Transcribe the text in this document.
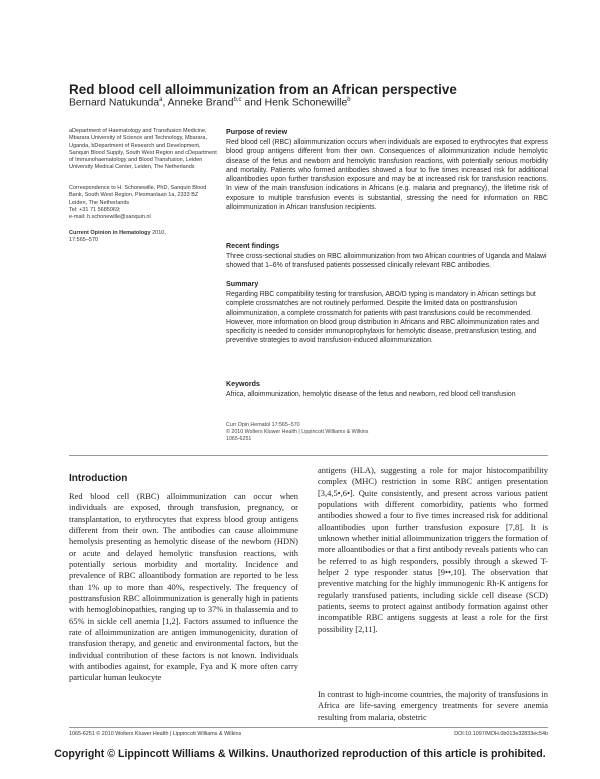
Red blood cell alloimmunization from an African perspective
Bernard Natukunda$^a$, Anneke Brand$^{b,c}$ and Henk Schonewille$^b$
aDepartment of Haematology and Transfusion Medicine, Mbarara University of Science and Technology, Mbarara, Uganda, bDepartment of Research and Development, Sanquin Blood Supply, South West Region and cDepartment of Immunohaematology and Blood Transfusion, Leiden University Medical Center, Leiden, The Netherlands
Correspondence to H. Schonewille, PhD, Sanquin Blood Bank, South West Region, Plesmanlaan 1a, 2333 BZ Leiden, The Netherlands
Tel: +31 71 5685069;
e-mail: h.schonewille@sanquin.nl
Current Opinion in Hematology 2010,
17:565–570
Purpose of review
Red blood cell (RBC) alloimmunization occurs when individuals are exposed to erythrocytes that express blood group antigens different from their own. Consequences of alloimmunization include hemolytic disease of the fetus and newborn and hemolytic transfusion reactions, with potentially serious morbidity and mortality. Patients who formed antibodies showed a four to five times increased risk for additional alloantibodies upon further transfusion exposure and may be at increased risk for transfusion reactions. In view of the main transfusion indications in Africans (e.g. malaria and pregnancy), the lifetime risk of exposure to multiple transfusion events is substantial, stressing the need for information on RBC alloimmunization in African transfusion recipients.
Recent findings
Three cross-sectional studies on RBC alloimmunization from two African countries of Uganda and Malawi showed that 1–6% of transfused patients possessed clinically relevant RBC antibodies.
Summary
Regarding RBC compatibility testing for transfusion, ABO/D typing is mandatory in African settings but complete crossmatches are not routinely performed. Despite the limited data on posttransfusion alloimmunization, a complete crossmatch for patients with past transfusions could be recommended. However, more information on blood group distribution in Africans and RBC alloimmunization rates and specificity is needed to consider immunoprophylaxis for hemolytic disease, pretransfusion testing, and preventive strategies to avoid transfusion-induced alloimmunization.
Keywords
Africa, alloimmunization, hemolytic disease of the fetus and newborn, red blood cell transfusion
Curr Opin Hematol 17:565–570
© 2010 Wolters Kluwer Health | Lippincott Williams & Wilkins
1065-6251
Introduction
Red blood cell (RBC) alloimmunization can occur when individuals are exposed, through transfusion, pregnancy, or transplantation, to erythrocytes that express blood group antigens different from their own. The antibodies can cause alloimmune hemolysis presenting as hemolytic disease of the newborn (HDN) or acute and delayed hemolytic transfusion reactions, with potentially serious morbidity and mortality. Incidence and prevalence of RBC alloantibody formation are reported to be less than 1% up to more than 40%, respectively. The frequency of posttransfusion RBC alloimmunization is generally high in patients with hemoglobinopathies, ranging up to 37% in thalassemia and to 65% in sickle cell anemia [1,2]. Factors assumed to influence the rate of alloimmunization are antigen immunogenicity, duration of transfusion therapy, and genetic and environmental factors, but the individual contribution of these factors is not known. Individuals with antibodies against, for example, Fya and K more often carry particular human leukocyte
antigens (HLA), suggesting a role for major histocompatibility complex (MHC) restriction in some RBC antigen presentation [3,4,5•,6•]. Quite consistently, and present across various patient populations with different comorbidity, patients who formed antibodies showed a four to five times increased risk for additional alloantibodies upon further transfusion exposure [7,8]. It is unknown whether initial alloimmunization triggers the formation of more alloantibodies or that a first antibody reveals patients who can be referred to as high responders, possibly through a skewed T-helper 2 type responder status [9••,10]. The observation that preventive matching for the highly immunogenic Rh-K antigens for regularly transfused patients, including sickle cell disease (SCD) patients, seems to protect against antibody formation against other incompatible RBC antigens suggests at least a role for the first possibility [2,11].
In contrast to high-income countries, the majority of transfusions in Africa are life-saving emergency treatments for severe anemia resulting from malaria, obstetric
1065-6251 © 2010 Wolters Kluwer Health | Lippincott Williams & Wilkins	DOI:10.1097/MOH.0b013e32833ec54b
Copyright © Lippincott Williams & Wilkins. Unauthorized reproduction of this article is prohibited.
